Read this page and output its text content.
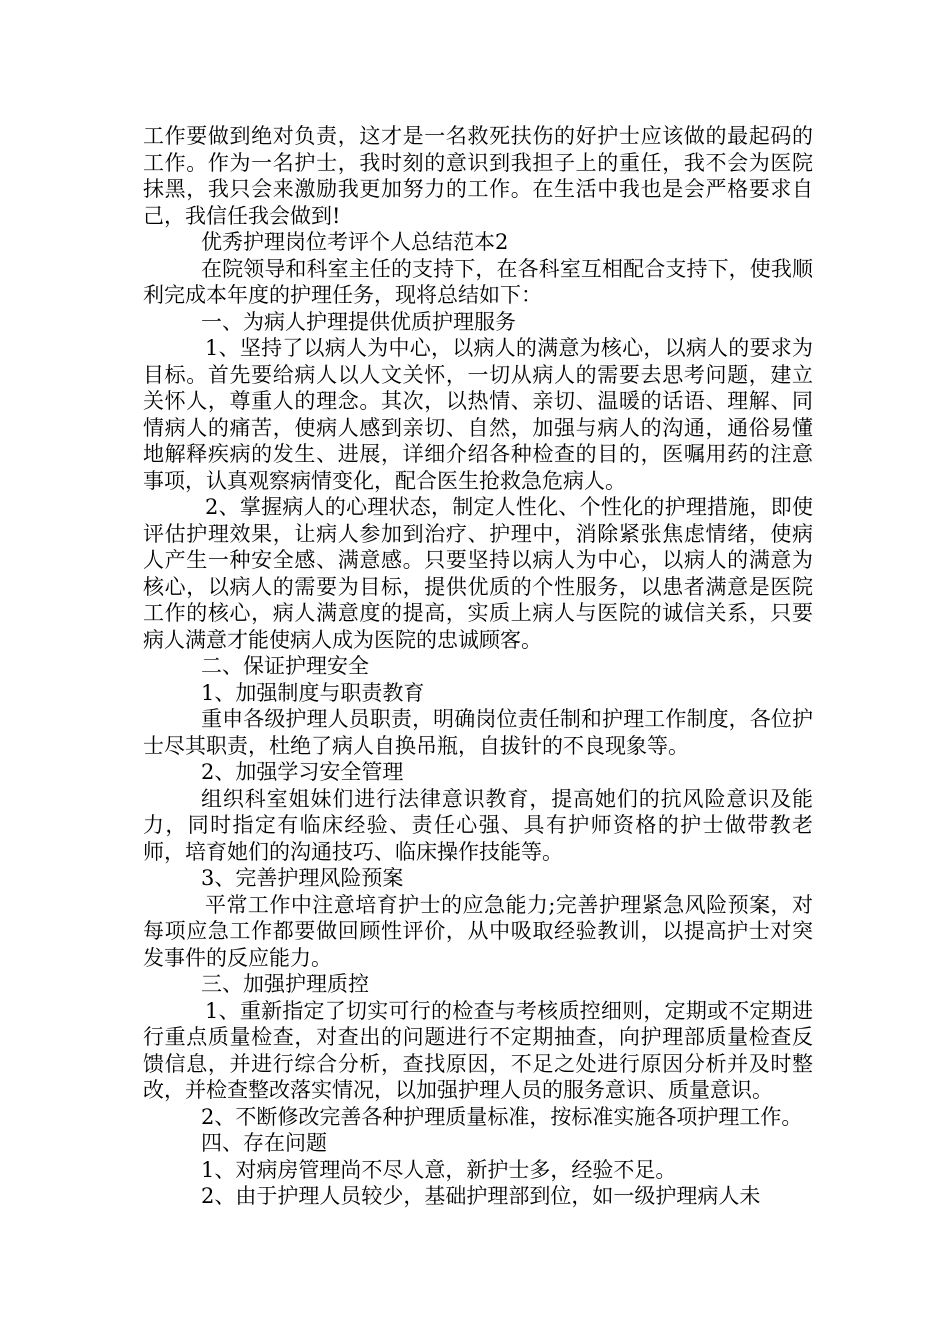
工作要做到绝对负责，这才是一名救死扶伤的好护士应该做的最起码的工作。作为一名护士，我时刻的意识到我担子上的重任，我不会为医院抹黑，我只会来激励我更加努力的工作。在生活中我也是会严格要求自己，我信任我会做到!

优秀护理岗位考评个人总结范本2

在院领导和科室主任的支持下，在各科室互相配合支持下，使我顺利完成本年度的护理任务，现将总结如下：

一、为病人护理提供优质护理服务

1、坚持了以病人为中心，以病人的满意为核心，以病人的要求为目标。首先要给病人以人文关怀，一切从病人的需要去思考问题，建立关怀人，尊重人的理念。其次，以热情、亲切、温暖的话语、理解、同情病人的痛苦，使病人感到亲切、自然，加强与病人的沟通，通俗易懂地解释疾病的发生、进展，详细介绍各种检查的目的，医嘱用药的注意事项，认真观察病情变化，配合医生抢救急危病人。

2、掌握病人的心理状态，制定人性化、个性化的护理措施，即使评估护理效果，让病人参加到治疗、护理中，消除紧张焦虑情绪，使病人产生一种安全感、满意感。只要坚持以病人为中心，以病人的满意为核心，以病人的需要为目标，提供优质的个性服务，以患者满意是医院工作的核心，病人满意度的提高，实质上病人与医院的诚信关系，只要病人满意才能使病人成为医院的忠诚顾客。

二、保证护理安全

1、加强制度与职责教育

重申各级护理人员职责，明确岗位责任制和护理工作制度，各位护士尽其职责，杜绝了病人自换吊瓶，自拔针的不良现象等。

2、加强学习安全管理

组织科室姐妹们进行法律意识教育，提高她们的抗风险意识及能力，同时指定有临床经验、责任心强、具有护师资格的护士做带教老师，培育她们的沟通技巧、临床操作技能等。

3、完善护理风险预案

平常工作中注意培育护士的应急能力;完善护理紧急风险预案，对每项应急工作都要做回顾性评价，从中吸取经验教训，以提高护士对突发事件的反应能力。

三、加强护理质控

1、重新指定了切实可行的检查与考核质控细则，定期或不定期进行重点质量检查，对查出的问题进行不定期抽查，向护理部质量检查反馈信息，并进行综合分析，查找原因，不足之处进行原因分析并及时整改，并检查整改落实情况，以加强护理人员的服务意识、质量意识。

2、不断修改完善各种护理质量标准，按标准实施各项护理工作。

四、存在问题

1、对病房管理尚不尽人意，新护士多，经验不足。

2、由于护理人员较少，基础护理部到位，如一级护理病人未
